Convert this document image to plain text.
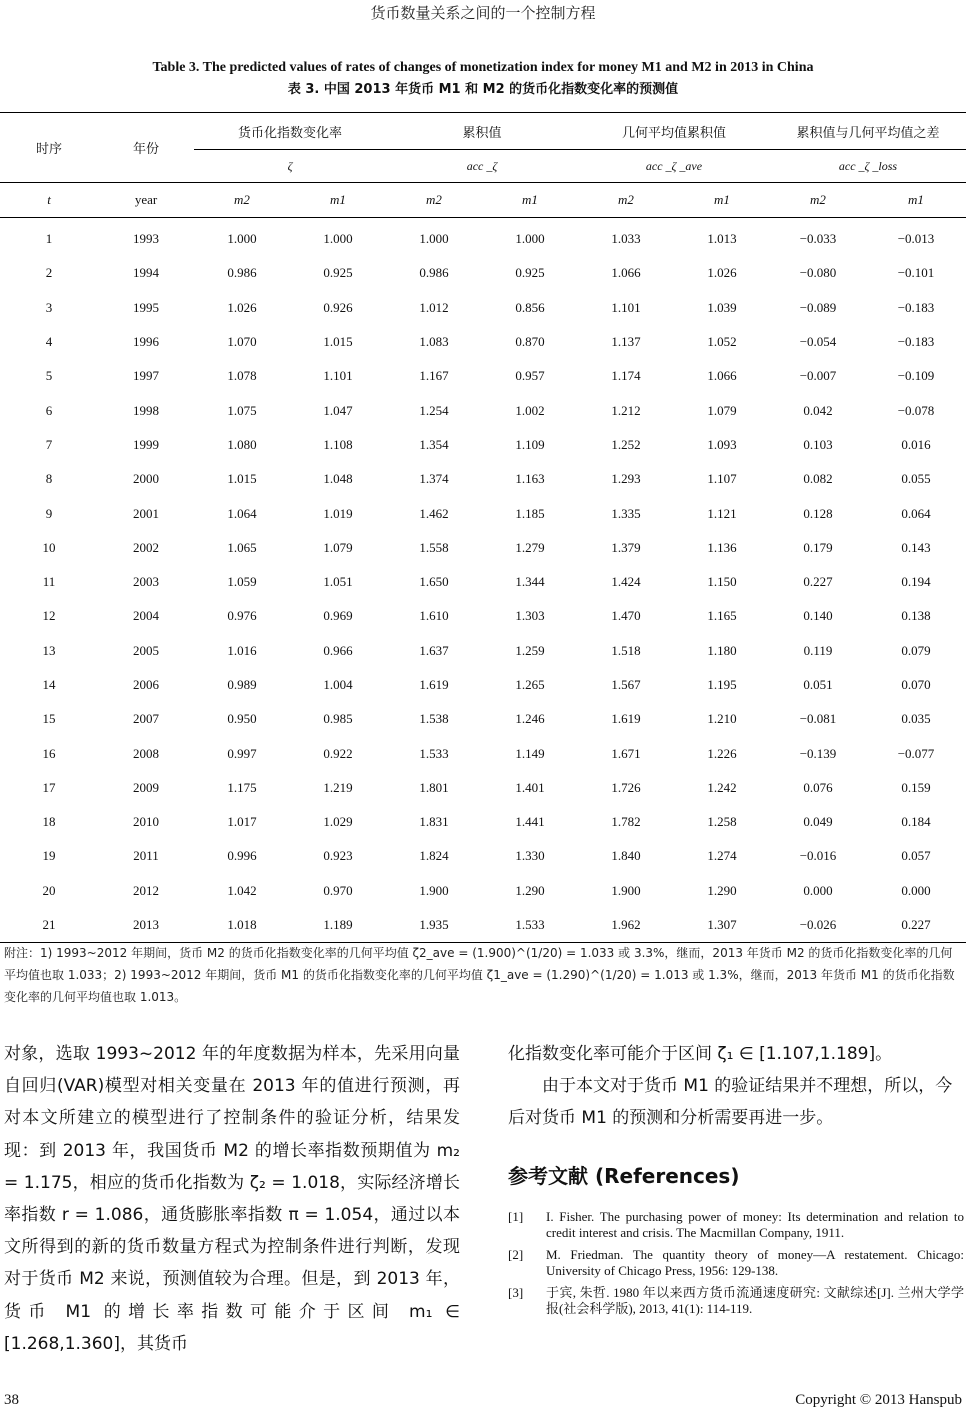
货币数量关系之间的一个控制方程
Table 3. The predicted values of rates of changes of monetization index for money M1 and M2 in 2013 in China
表 3. 中国 2013 年货币 M1 和 M2 的货币化指数变化率的预测值
时序	年份	货币化指数变化率		累积值		几何平均值累积值		累积值与几何平均值之差	
		ζ		acc _ζ		acc _ζ _ave		acc _ζ _loss	
t	year	m2	m1	m2	m1	m2	m1	m2	m1
1	1993	1.000	1.000	1.000	1.000	1.033	1.013	−0.033	−0.013
2	1994	0.986	0.925	0.986	0.925	1.066	1.026	−0.080	−0.101
3	1995	1.026	0.926	1.012	0.856	1.101	1.039	−0.089	−0.183
4	1996	1.070	1.015	1.083	0.870	1.137	1.052	−0.054	−0.183
5	1997	1.078	1.101	1.167	0.957	1.174	1.066	−0.007	−0.109
6	1998	1.075	1.047	1.254	1.002	1.212	1.079	0.042	−0.078
7	1999	1.080	1.108	1.354	1.109	1.252	1.093	0.103	0.016
8	2000	1.015	1.048	1.374	1.163	1.293	1.107	0.082	0.055
9	2001	1.064	1.019	1.462	1.185	1.335	1.121	0.128	0.064
10	2002	1.065	1.079	1.558	1.279	1.379	1.136	0.179	0.143
11	2003	1.059	1.051	1.650	1.344	1.424	1.150	0.227	0.194
12	2004	0.976	0.969	1.610	1.303	1.470	1.165	0.140	0.138
13	2005	1.016	0.966	1.637	1.259	1.518	1.180	0.119	0.079
14	2006	0.989	1.004	1.619	1.265	1.567	1.195	0.051	0.070
15	2007	0.950	0.985	1.538	1.246	1.619	1.210	−0.081	0.035
16	2008	0.997	0.922	1.533	1.149	1.671	1.226	−0.139	−0.077
17	2009	1.175	1.219	1.801	1.401	1.726	1.242	0.076	0.159
18	2010	1.017	1.029	1.831	1.441	1.782	1.258	0.049	0.184
19	2011	0.996	0.923	1.824	1.330	1.840	1.274	−0.016	0.057
20	2012	1.042	0.970	1.900	1.290	1.900	1.290	0.000	0.000
21	2013	1.018	1.189	1.935	1.533	1.962	1.307	−0.026	0.227
附注：1) 1993~2012 年期间，货币 M2 的货币化指数变化率的几何平均值 ζ2_ave = (1.900)^(1/20) = 1.033 或 3.3%，继而，2013 年货币 M2 的货币化指数变化率的几何平均值也取 1.033；2) 1993~2012 年期间，货币 M1 的货币化指数变化率的几何平均值 ζ1_ave = (1.290)^(1/20) = 1.013 或 1.3%，继而，2013 年货币 M1 的货币化指数变化率的几何平均值也取 1.013。

对象，选取 1993~2012 年的年度数据为样本，先采用向量自回归(VAR)模型对相关变量在 2013 年的值进行预测，再对本文所建立的模型进行了控制条件的验证分析，结果发现：到 2013 年，我国货币 M2 的增长率指数预期值为 m₂ = 1.175，相应的货币化指数为 ζ₂ = 1.018，实际经济增长率指数 r = 1.086，通货膨胀率指数 π = 1.054，通过以本文所得到的新的货币数量方程式为控制条件进行判断，发现对于货币 M2 来说，预测值较为合理。但是，到 2013 年，货币 M1 的增长率指数可能介于区间 m₁ ∈ [1.268,1.360]，其货币

化指数变化率可能介于区间 ζ₁ ∈ [1.107,1.189]。

由于本文对于货币 M1 的验证结果并不理想，所以，今后对货币 M1 的预测和分析需要再进一步。

参考文献 (References)

[1]	I. Fisher. The purchasing power of money: Its determination and relation to credit interest and crisis. The Macmillan Company, 1911.
[2]	M. Friedman. The quantity theory of money—A restatement. Chicago: University of Chicago Press, 1956: 129-138.
[3]	于宾, 朱哲. 1980 年以来西方货币流通速度研究: 文献综述[J]. 兰州大学学报(社会科学版), 2013, 41(1): 114-119.
38	Copyright © 2013 Hanspub
